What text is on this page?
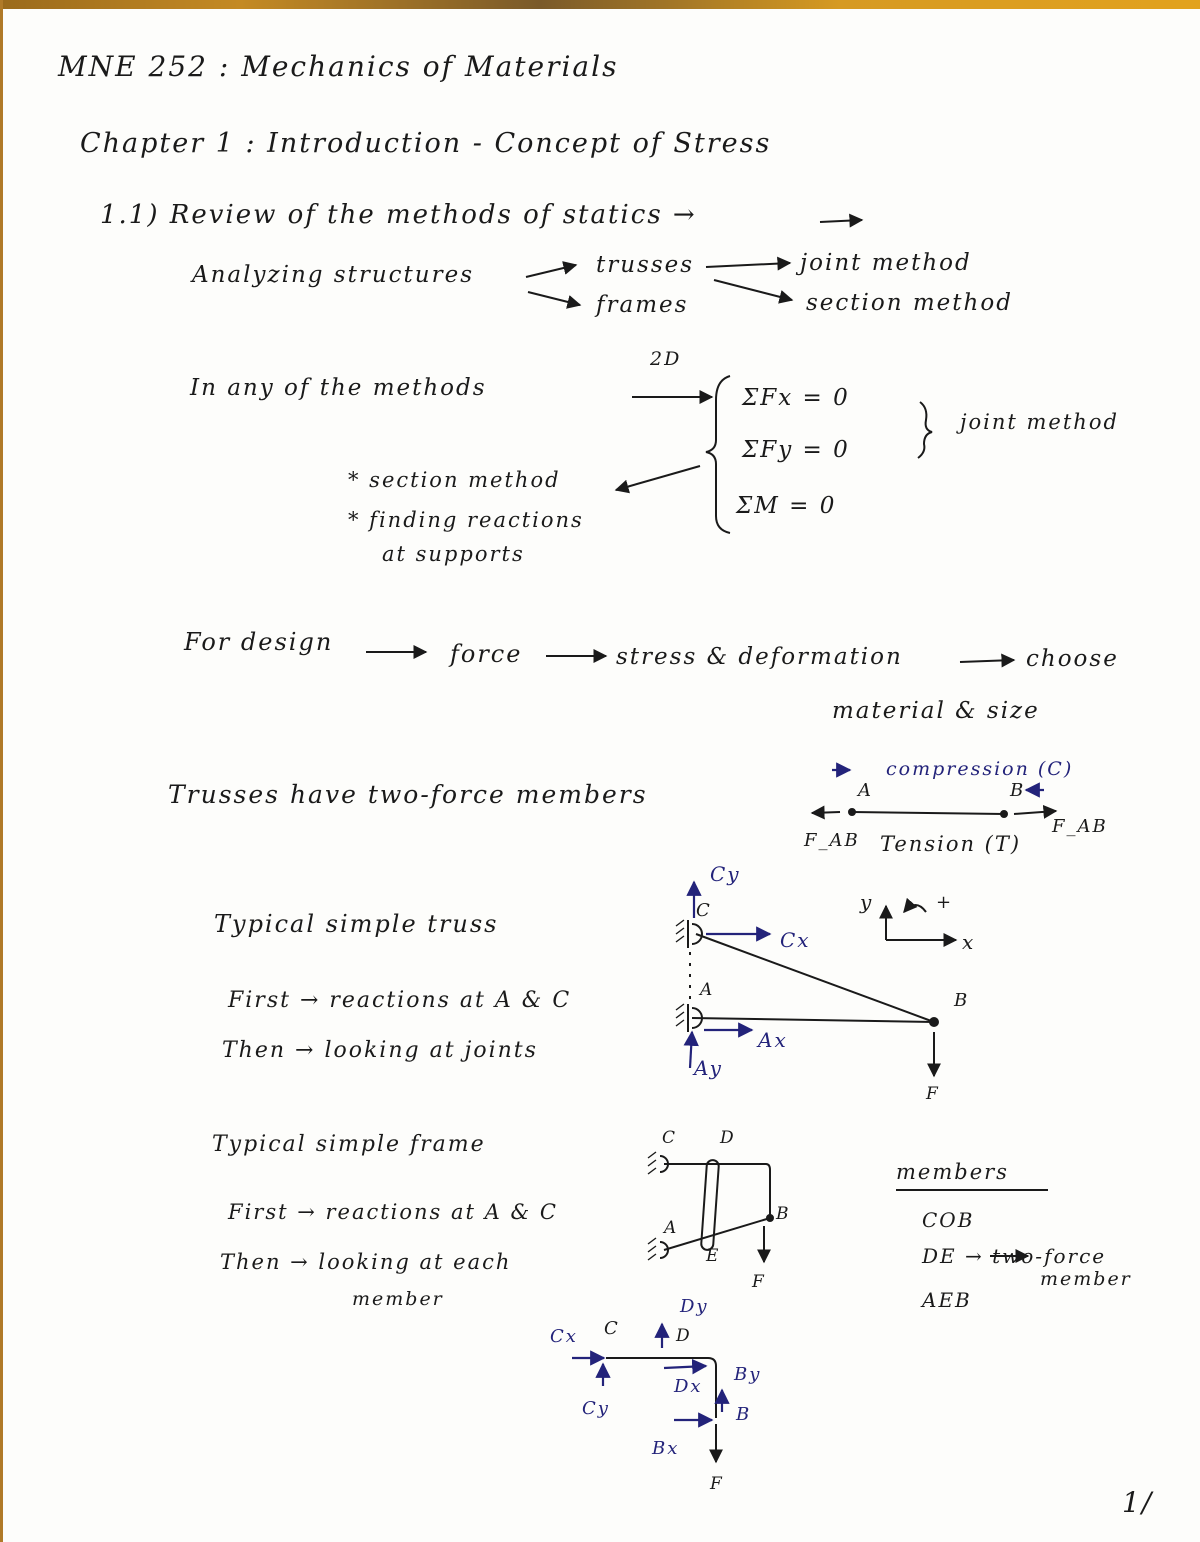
MNE 252 : Mechanics of Materials
Chapter 1 : Introduction - Concept of Stress
1.1) Review of the methods of statics →
Analyzing structures	trusses
frames
joint method
section method
In any of the methods
2D
ΣFx = 0
ΣFy = 0
ΣM = 0
joint method
* section method
* finding reactions
at supports
For design	force	stress & deformation	choose
material & size
Trusses have two-force members
compression (C)
A	B
F_AB
F_AB
Tension (T)
Typical simple truss
First → reactions at A & C
Then → looking at joints
Cy
C
Cx
A
Ax
Ay
B
F
y	+
x
Typical simple frame
First → reactions at A & C
Then → looking at each
member
C	D
B
A
E
F
members
COB
DE → two-force
member
AEB
Cx C
Cy
Dy
D
Dx
By
B
Bx
F
1/
